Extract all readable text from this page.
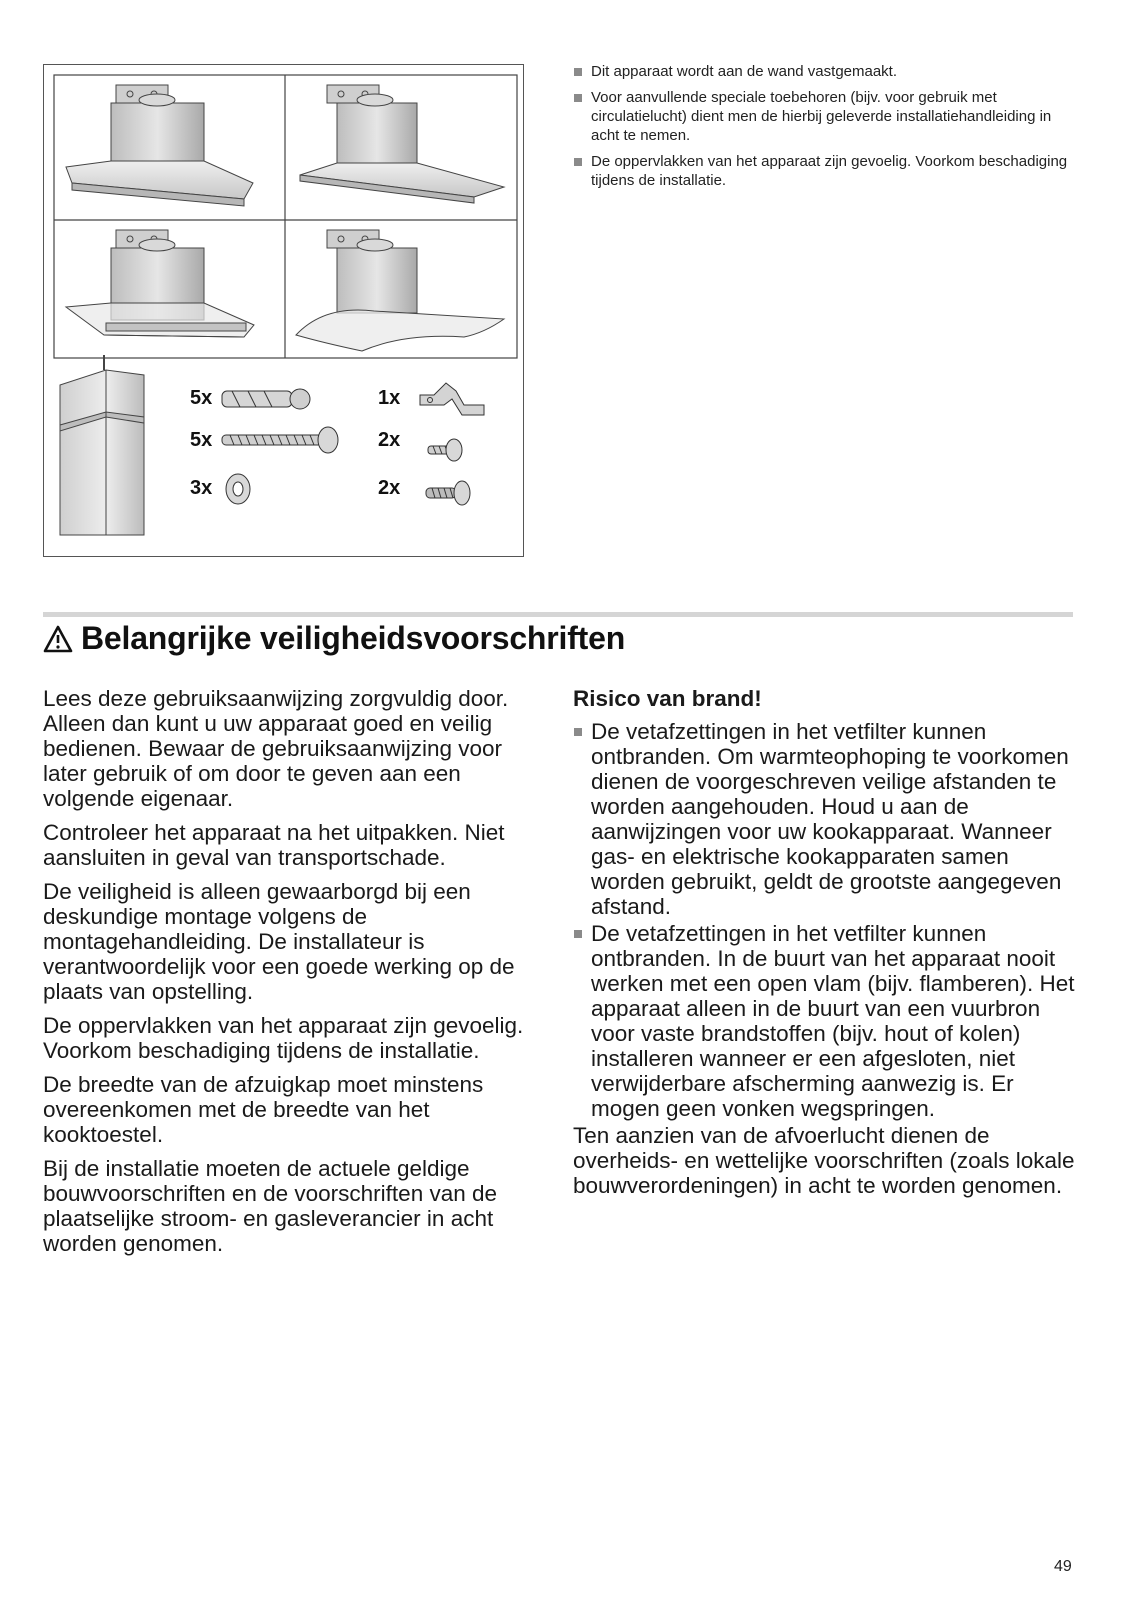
5x
5x
3x
1x
2x
2x
Dit apparaat wordt aan de wand vastgemaakt.
Voor aanvullende speciale toebehoren (bijv. voor gebruik met circulatielucht) dient men de hierbij geleverde installatiehandleiding in acht te nemen.
De oppervlakken van het apparaat zijn gevoelig. Voorkom beschadiging tijdens de installatie.
Belangrijke veiligheidsvoorschriften

Lees deze gebruiksaanwijzing zorgvuldig door. Alleen dan kunt u uw apparaat goed en veilig bedienen. Bewaar de gebruiksaanwijzing voor later gebruik of om door te geven aan een volgende eigenaar.

Controleer het apparaat na het uitpakken. Niet aansluiten in geval van transportschade.

De veiligheid is alleen gewaarborgd bij een deskundige montage volgens de montagehandleiding. De installateur is verantwoordelijk voor een goede werking op de plaats van opstelling.

De oppervlakken van het apparaat zijn gevoelig. Voorkom beschadiging tijdens de installatie.

De breedte van de afzuigkap moet minstens overeenkomen met de breedte van het kooktoestel.

Bij de installatie moeten de actuele geldige bouwvoorschriften en de voorschriften van de plaatselijke stroom- en gasleverancier in acht worden genomen.

Risico van brand!

De vetafzettingen in het vetfilter kunnen ontbranden. Om warmteophoping te voorkomen dienen de voorgeschreven veilige afstanden te worden aangehouden. Houd u aan de aanwijzingen voor uw kookapparaat. Wanneer gas- en elektrische kookapparaten samen worden gebruikt, geldt de grootste aangegeven afstand.
De vetafzettingen in het vetfilter kunnen ontbranden. In de buurt van het apparaat nooit werken met een open vlam (bijv. flamberen). Het apparaat alleen in de buurt van een vuurbron voor vaste brandstoffen (bijv. hout of kolen) installeren wanneer er een afgesloten, niet verwijderbare afscherming aanwezig is. Er mogen geen vonken wegspringen.

Ten aanzien van de afvoerlucht dienen de overheids- en wettelijke voorschriften (zoals lokale bouwverordeningen) in acht te worden genomen.

49
